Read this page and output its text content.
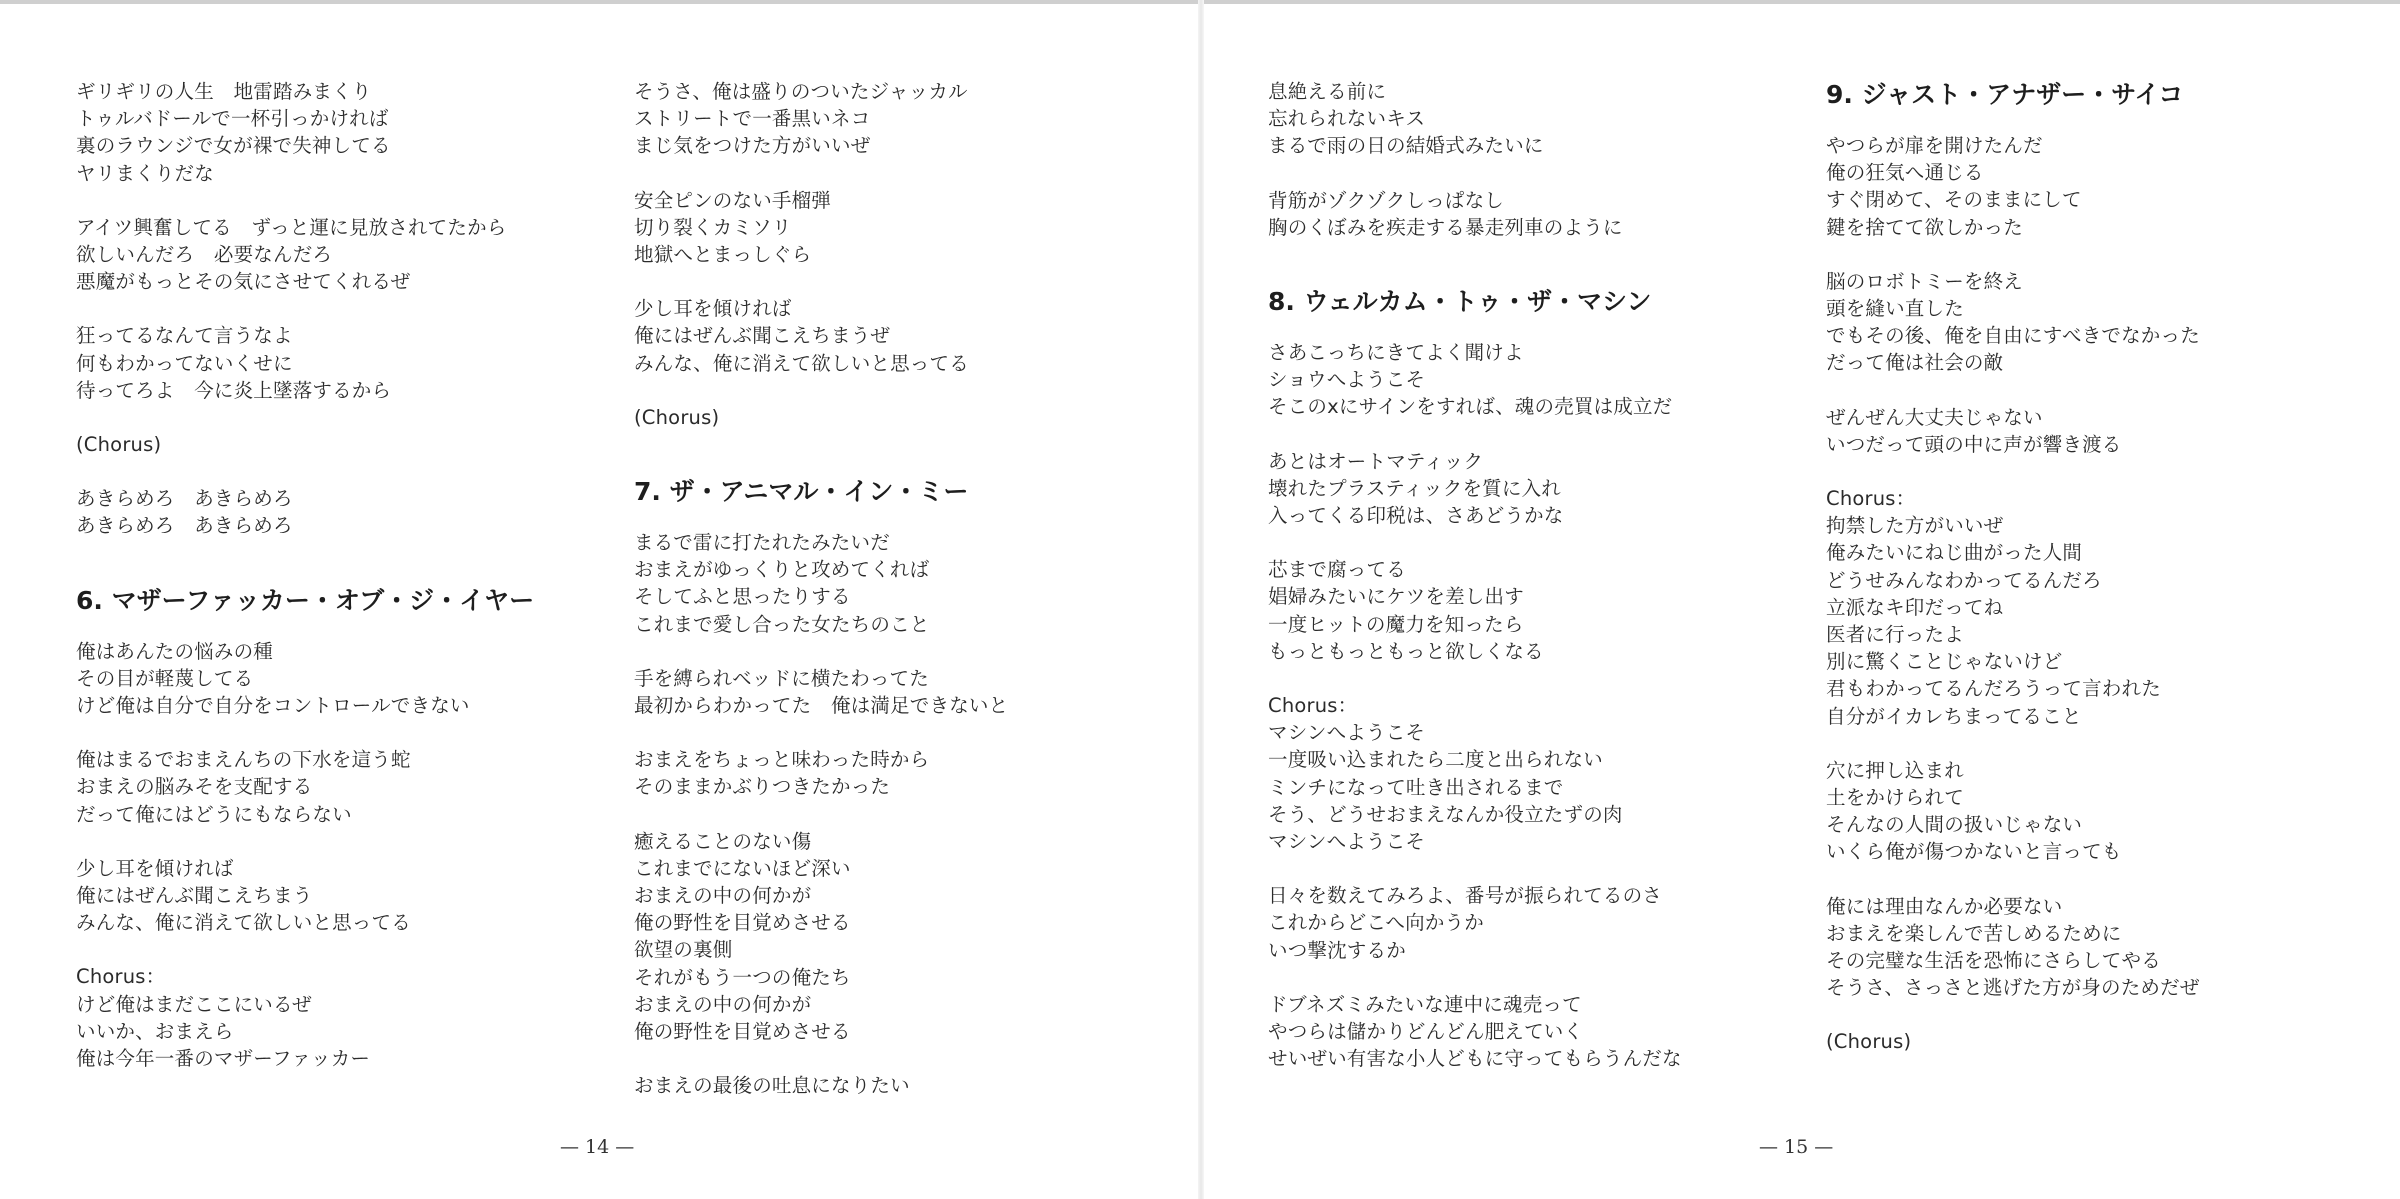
ギリギリの人生　地雷踏みまくり
トゥルバドールで一杯引っかければ
裏のラウンジで女が裸で失神してる
ヤリまくりだな
アイツ興奮してる　ずっと運に見放されてたから
欲しいんだろ　必要なんだろ
悪魔がもっとその気にさせてくれるぜ
狂ってるなんて言うなよ
何もわかってないくせに
待ってろよ　今に炎上墜落するから
(Chorus)
あきらめろ　あきらめろ
あきらめろ　あきらめろ
6. マザーファッカー・オブ・ジ・イヤー
俺はあんたの悩みの種
その目が軽蔑してる
けど俺は自分で自分をコントロールできない
俺はまるでおまえんちの下水を這う蛇
おまえの脳みそを支配する
だって俺にはどうにもならない
少し耳を傾ければ
俺にはぜんぶ聞こえちまう
みんな、俺に消えて欲しいと思ってる
Chorus：
けど俺はまだここにいるぜ
いいか、おまえら
俺は今年一番のマザーファッカー
そうさ、俺は盛りのついたジャッカル
ストリートで一番黒いネコ
まじ気をつけた方がいいぜ
安全ピンのない手榴弾
切り裂くカミソリ
地獄へとまっしぐら
少し耳を傾ければ
俺にはぜんぶ聞こえちまうぜ
みんな、俺に消えて欲しいと思ってる
(Chorus)
7. ザ・アニマル・イン・ミー
まるで雷に打たれたみたいだ
おまえがゆっくりと攻めてくれば
そしてふと思ったりする
これまで愛し合った女たちのこと
手を縛られベッドに横たわってた
最初からわかってた　俺は満足できないと
おまえをちょっと味わった時から
そのままかぶりつきたかった
癒えることのない傷
これまでにないほど深い
おまえの中の何かが
俺の野性を目覚めさせる
欲望の裏側
それがもう一つの俺たち
おまえの中の何かが
俺の野性を目覚めさせる
おまえの最後の吐息になりたい
— 14 —
息絶える前に
忘れられないキス
まるで雨の日の結婚式みたいに
背筋がゾクゾクしっぱなし
胸のくぼみを疾走する暴走列車のように
8. ウェルカム・トゥ・ザ・マシン
さあこっちにきてよく聞けよ
ショウへようこそ
そこのxにサインをすれば、魂の売買は成立だ
あとはオートマティック
壊れたプラスティックを質に入れ
入ってくる印税は、さあどうかな
芯まで腐ってる
娼婦みたいにケツを差し出す
一度ヒットの魔力を知ったら
もっともっともっと欲しくなる
Chorus：
マシンへようこそ
一度吸い込まれたら二度と出られない
ミンチになって吐き出されるまで
そう、どうせおまえなんか役立たずの肉
マシンへようこそ
日々を数えてみろよ、番号が振られてるのさ
これからどこへ向かうか
いつ撃沈するか
ドブネズミみたいな連中に魂売って
やつらは儲かりどんどん肥えていく
せいぜい有害な小人どもに守ってもらうんだな
9. ジャスト・アナザー・サイコ
やつらが扉を開けたんだ
俺の狂気へ通じる
すぐ閉めて、そのままにして
鍵を捨てて欲しかった
脳のロボトミーを終え
頭を縫い直した
でもその後、俺を自由にすべきでなかった
だって俺は社会の敵
ぜんぜん大丈夫じゃない
いつだって頭の中に声が響き渡る
Chorus：
拘禁した方がいいぜ
俺みたいにねじ曲がった人間
どうせみんなわかってるんだろ
立派なキ印だってね
医者に行ったよ
別に驚くことじゃないけど
君もわかってるんだろうって言われた
自分がイカレちまってること
穴に押し込まれ
土をかけられて
そんなの人間の扱いじゃない
いくら俺が傷つかないと言っても
俺には理由なんか必要ない
おまえを楽しんで苦しめるために
その完璧な生活を恐怖にさらしてやる
そうさ、さっさと逃げた方が身のためだぜ
(Chorus)
— 15 —
